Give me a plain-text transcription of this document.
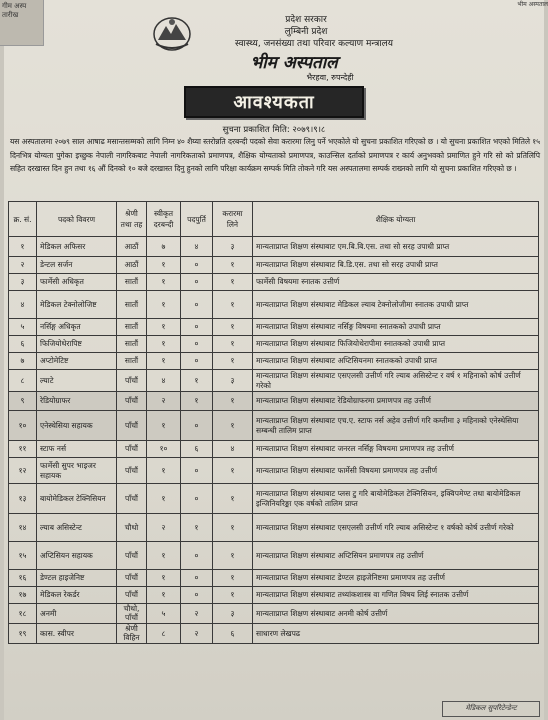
गीम अस्प तारीख
भीम अस्पताल
प्रदेश सरकार
लुम्बिनी प्रदेश
स्वास्थ्य, जनसंख्या तथा परिवार कल्याण मन्त्रालय
भीम अस्पताल
भैरहवा, रुपन्देही
आवश्यकता
सुचना प्रकाशित मिति: २०७९।९।८

यस अस्पतालमा २०७९ साल आषाढ मसान्तसम्मको लागि निम्न ४० शैय्या स्तरोन्नति दरबन्दी पदको सेवा करारमा लिनु पर्ने भएकोले यो सुचना प्रकाशित गरिएको छ । यो सुचना प्रकाशित भएको मितिले १५ दिनभित्र योग्यता पुगेका इच्छुक नेपाली नागरिकबाट नेपाली नागरिकताको प्रमाणपत्र, शैक्षिक योग्यताको प्रमाणपत्र, काउन्सिल दर्ताको प्रमाणपत्र र कार्य अनुभवको प्रमाणित हुने गरि सो को प्रतिलिपि सहित दरखास्त दिन हुन तथा १६ औं दिनको १० बजे दरखास्त दिनु हुनको लागि परिक्षा कार्यक्रम सम्पर्क मिति तोकने गरि यस अस्पतालमा सम्पर्क राख्नको लागि यो सुचना प्रकाशित गरिएको छ ।

क्र. सं.	पदको विवरण	श्रेणी तथा तह	स्वीकृत दरबन्दी	पदपुर्ति	करारमा लिने	शैक्षिक योग्यता
१	मेडिकल अफिसर	आठौं	७	४	३	मान्यताप्राप्त शिक्षण संस्थाबाट एम.बि.बि.एस. तथा सो सरह उपाधी प्राप्त
२	डेन्टल सर्जन	आठौं	१	०	१	मान्यताप्राप्त शिक्षण संस्थाबाट बि.डि.एस. तथा सो सरह उपाधी प्राप्त
३	फार्मेसी अधिकृत	सातौं	१	०	१	फार्मेसी विषयमा स्नातक उत्तीर्ण
४	मेडिकल टेक्नोलोजिष्ट	सातौं	१	०	१	मान्यताप्राप्त शिक्षण संस्थाबाट मेडिकल ल्याब टेक्नोलोजीमा स्नातक उपाधी प्राप्त
५	नर्सिङ्ग अधिकृत	सातौं	१	०	१	मान्यताप्राप्त शिक्षण संस्थाबाट नर्सिङ्ग विषयमा स्नातकको उपाधी प्राप्त
६	फिजियोथेरापिष्ट	सातौं	१	०	१	मान्यताप्राप्त शिक्षण संस्थाबाट फिजियोथेरापीमा स्नातकको उपाधी प्राप्त
७	अप्टोमेटिष्ट	सातौं	१	०	१	मान्यताप्राप्त शिक्षण संस्थाबाट अप्टिसियनमा स्नातकको उपाधी प्राप्त
८	ल्याटे	पाँचौं	४	१	३	मान्यताप्राप्त शिक्षण संस्थाबाट एसएलसी उत्तीर्ण गरि ल्याब असिस्टेन्ट र वर्ष १ महिनाको कोर्ष उत्तीर्ण गरेको
९	रेडियोग्राफर	पाँचौं	२	१	१	मान्यताप्राप्त शिक्षण संस्थाबाट रेडियोग्राफरमा प्रमाणपत्र तह उत्तीर्ण
१०	एनेस्थेसिया सहायक	पाँचौं	१	०	१	मान्यताप्राप्त शिक्षण संस्थाबाट एच.ए. स्टाफ नर्स अहेव उत्तीर्ण गरि कम्तीमा ३ महिनाको एनेस्थेसिया सम्बन्धी तालिम प्राप्त
११	स्टाफ नर्स	पाँचौं	१०	६	४	मान्यताप्राप्त शिक्षण संस्थाबाट जनरल नर्सिङ्ग विषयमा प्रमाणपत्र तह उत्तीर्ण
१२	फार्मेसी सुपर भाइजर सहायक	पाँचौं	१	०	१	मान्यताप्राप्त शिक्षण संस्थाबाट फार्मेसी विषयमा प्रमाणपत्र तह उत्तीर्ण
१३	बायोमेडिकल टेक्निसियन	पाँचौं	१	०	१	मान्यताप्राप्त शिक्षण संस्थाबाट प्लस टु गरि बायोमेडिकल टेक्निसियन, इक्विपमेण्ट तथा बायोमेडिकल इन्जिनियरिङ्मा एक वर्षको तालिम प्राप्त
१४	ल्याब असिस्टेन्ट	चौथो	२	१	१	मान्यताप्राप्त शिक्षण संस्थाबाट एसएलसी उत्तीर्ण गरि ल्याब असिस्टेन्ट १ वर्षको कोर्ष उत्तीर्ण गरेको
१५	अप्टिसियन सहायक	पाँचौं	१	०	१	मान्यताप्राप्त शिक्षण संस्थाबाट अप्टिसियन प्रमाणपत्र तह उत्तीर्ण
१६	डेण्टल हाइजेनिष्ट	पाँचौं	१	०	१	मान्यताप्राप्त शिक्षण संस्थाबाट डेण्टल हाइजेनिष्टमा प्रमाणपत्र तह उत्तीर्ण
१७	मेडिकल रेकर्डर	पाँचौं	१	०	१	मान्यताप्राप्त शिक्षण संस्थाबाट तथ्यांकशास्त्र वा गणित विषय लिई स्नातक उत्तीर्ण
१८	अनमी	चौथो, पाँचौं	५	२	३	मान्यताप्राप्त शिक्षण संस्थाबाट अनमी कोर्ष उत्तीर्ण
१९	कास. स्वीपर	श्रेणी विहिन	८	२	६	साधारण लेखपढ
मेडिकल सुपरिटेन्डेन्ट
